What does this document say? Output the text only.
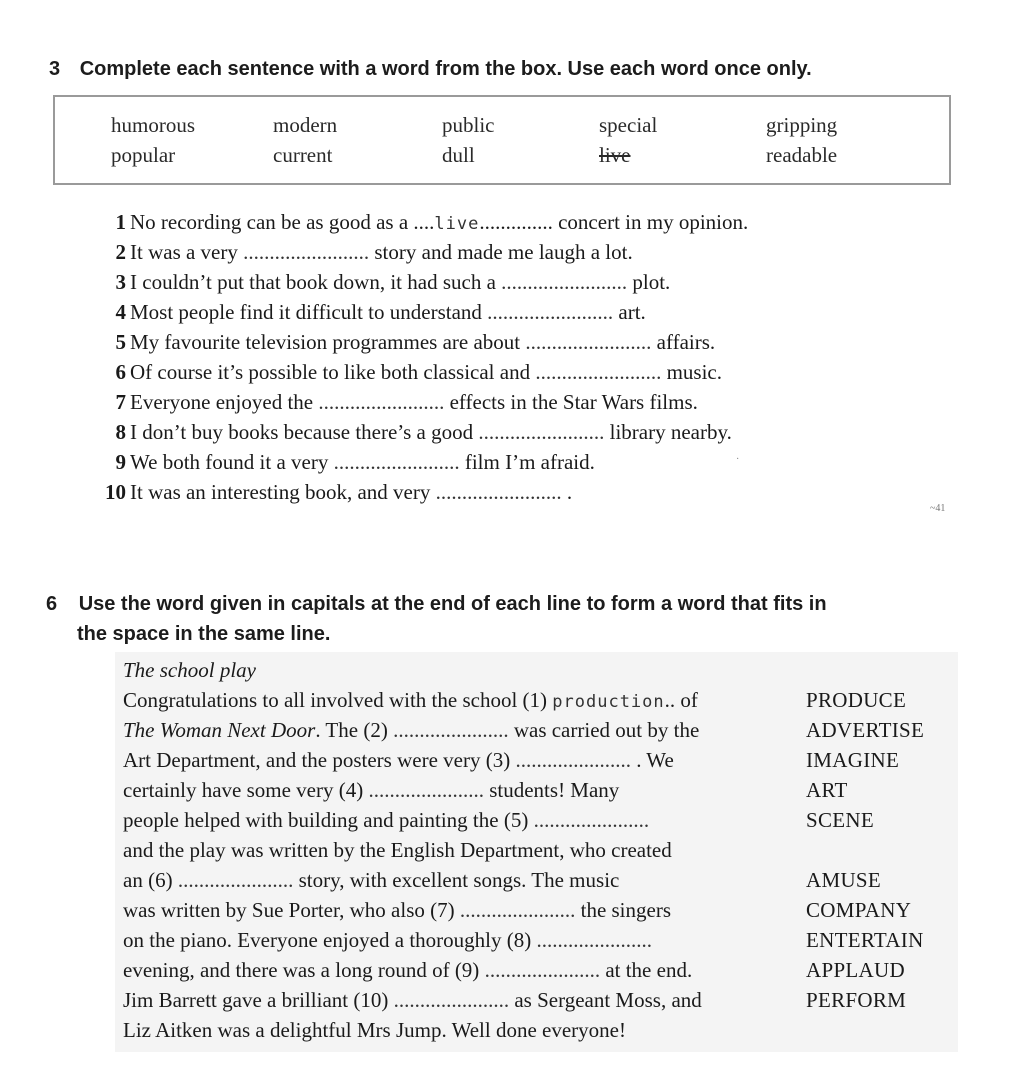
3 Complete each sentence with a word from the box. Use each word once only.
humorous	modern	public	special	gripping
popular	current	dull	live	readable
1 No recording can be as good as a ....live.............. concert in my opinion.
2 It was a very ........................ story and made me laugh a lot.
3 I couldn’t put that book down, it had such a ........................ plot.
4 Most people find it difficult to understand ........................ art.
5 My favourite television programmes are about ........................ affairs.
6 Of course it’s possible to like both classical and ........................ music.
7 Everyone enjoyed the ........................ effects in the Star Wars films.
8 I don’t buy books because there’s a good ........................ library nearby.
9 We both found it a very ........................ film I’m afraid.
10 It was an interesting book, and very ........................ .
·
~41
6 Use the word given in capitals at the end of each line to form a word that fits in
the space in the same line.
The school play
Congratulations to all involved with the school (1) production.. of	PRODUCE
The Woman Next Door. The (2) ...................... was carried out by the	ADVERTISE
Art Department, and the posters were very (3) ...................... . We	IMAGINE
certainly have some very (4) ...................... students! Many	ART
people helped with building and painting the (5) ......................	SCENE
and the play was written by the English Department, who created
an (6) ...................... story, with excellent songs. The music	AMUSE
was written by Sue Porter, who also (7) ...................... the singers	COMPANY
on the piano. Everyone enjoyed a thoroughly (8) ......................	ENTERTAIN
evening, and there was a long round of (9) ...................... at the end.	APPLAUD
Jim Barrett gave a brilliant (10) ...................... as Sergeant Moss, and	PERFORM
Liz Aitken was a delightful Mrs Jump. Well done everyone!
